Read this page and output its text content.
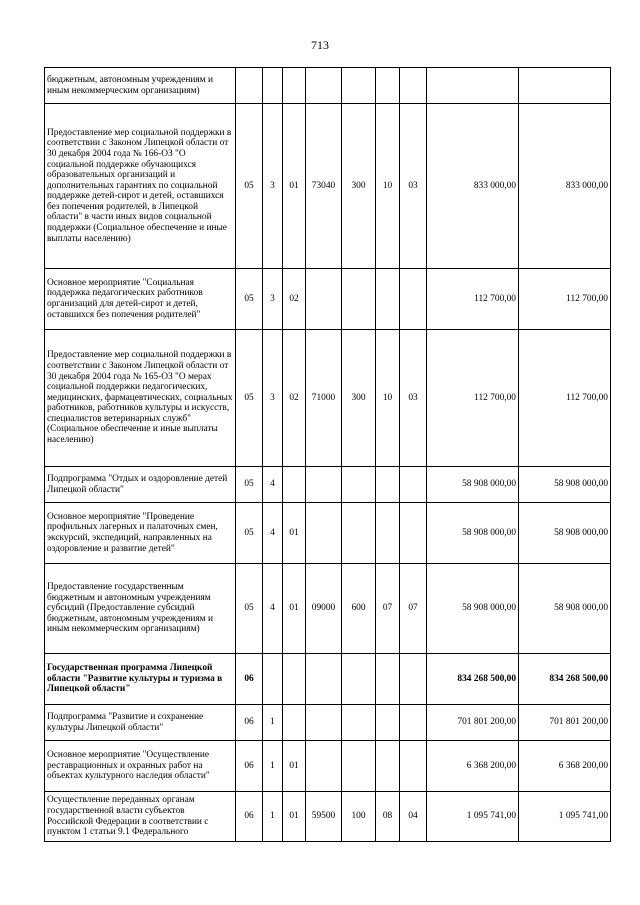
713
бюджетным, автономным учреждениям и иным некоммерческим организациям)									
Предоставление мер социальной поддержки в соответствии с Законом Липецкой области от 30 декабря 2004 года № 166-ОЗ "О социальной поддержке обучающихся образовательных организаций и дополнительных гарантиях по социальной поддержке детей-сирот и детей, оставшихся без попечения родителей, в Липецкой области" в части иных видов социальной поддержки (Социальное обеспечение и иные выплаты населению)	05	3	01	73040	300	10	03	833 000,00	833 000,00
Основное мероприятие "Социальная поддержка педагогических работников организаций для детей-сирот и детей, оставшихся без попечения родителей"	05	3	02					112 700,00	112 700,00
Предоставление мер социальной поддержки в соответствии с Законом Липецкой области от 30 декабря 2004 года № 165-ОЗ "О мерах социальной поддержки педагогических, медицинских, фармацевтических, социальных работников, работников культуры и искусств, специалистов ветеринарных служб" (Социальное обеспечение и иные выплаты населению)	05	3	02	71000	300	10	03	112 700,00	112 700,00
Подпрограмма "Отдых и оздоровление детей Липецкой области"	05	4						58 908 000,00	58 908 000,00
Основное мероприятие "Проведение профильных лагерных и палаточных смен, экскурсий, экспедиций, направленных на оздоровление и развитие детей"	05	4	01					58 908 000,00	58 908 000,00
Предоставление государственным бюджетным и автономным учреждениям субсидий (Предоставление субсидий бюджетным, автономным учреждениям и иным некоммерческим организациям)	05	4	01	09000	600	07	07	58 908 000,00	58 908 000,00
Государственная программа Липецкой области "Развитие культуры и туризма в Липецкой области"	06							834 268 500,00	834 268 500,00
Подпрограмма "Развитие и сохранение культуры Липецкой области"	06	1						701 801 200,00	701 801 200,00
Основное мероприятие "Осуществление реставрационных и охранных работ на объектах культурного наследия области"	06	1	01					6 368 200,00	6 368 200,00
Осуществление переданных органам государственной власти субъектов Российской Федерации в соответствии с пунктом 1 статьи 9.1 Федерального	06	1	01	59500	100	08	04	1 095 741,00	1 095 741,00
